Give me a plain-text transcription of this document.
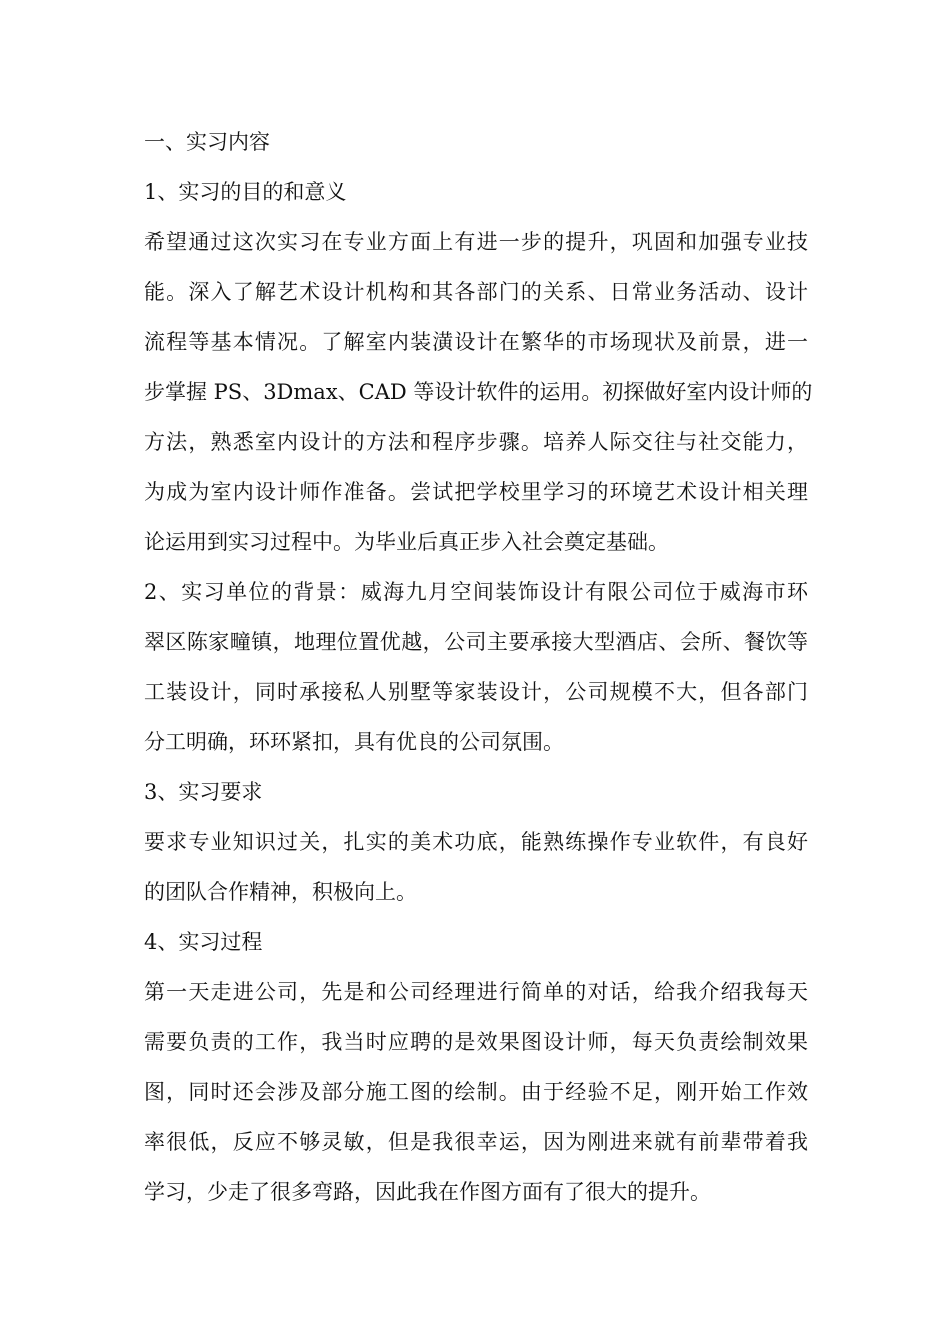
一、实习内容
1、实习的目的和意义
希望通过这次实习在专业方面上有进一步的提升，巩固和加强专业技
能。深入了解艺术设计机构和其各部门的关系、日常业务活动、设计
流程等基本情况。了解室内装潢设计在繁华的市场现状及前景，进一
步掌握 PS、3Dmax、CAD 等设计软件的运用。初探做好室内设计师的
方法，熟悉室内设计的方法和程序步骤。培养人际交往与社交能力，
为成为室内设计师作准备。尝试把学校里学习的环境艺术设计相关理
论运用到实习过程中。为毕业后真正步入社会奠定基础。
2、实习单位的背景：威海九月空间装饰设计有限公司位于威海市环
翠区陈家疃镇，地理位置优越，公司主要承接大型酒店、会所、餐饮等
工装设计，同时承接私人别墅等家装设计，公司规模不大，但各部门
分工明确，环环紧扣，具有优良的公司氛围。
3、实习要求
要求专业知识过关，扎实的美术功底，能熟练操作专业软件，有良好
的团队合作精神，积极向上。
4、实习过程
第一天走进公司，先是和公司经理进行简单的对话，给我介绍我每天
需要负责的工作，我当时应聘的是效果图设计师，每天负责绘制效果
图，同时还会涉及部分施工图的绘制。由于经验不足，刚开始工作效
率很低，反应不够灵敏，但是我很幸运，因为刚进来就有前辈带着我
学习，少走了很多弯路，因此我在作图方面有了很大的提升。
